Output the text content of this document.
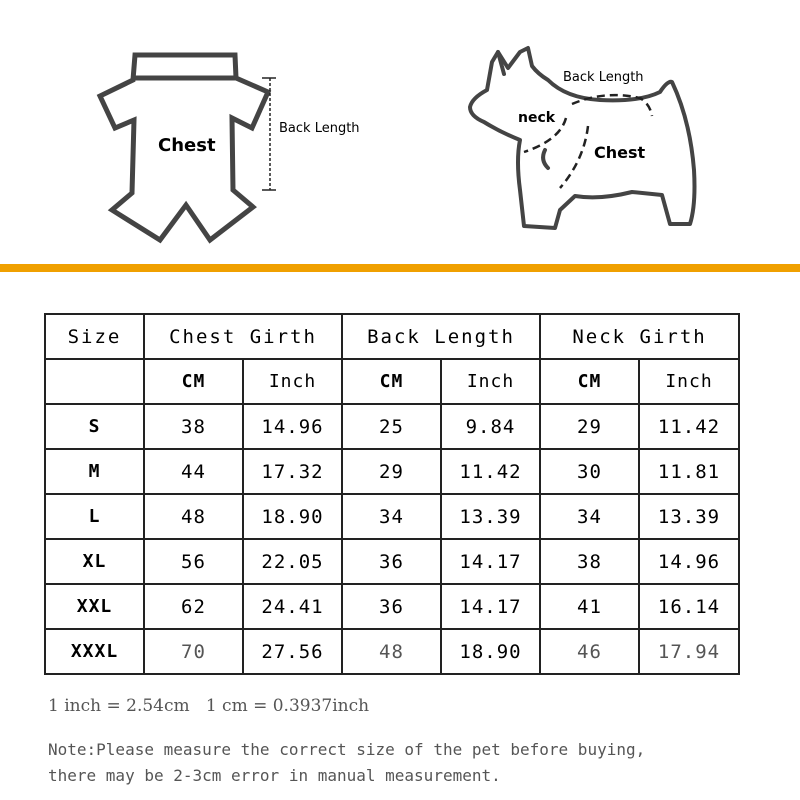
Back Length
Chest
Back Length
neck
Chest
Size	Chest Girth		Back Length		Neck Girth	
	CM	Inch	CM	Inch	CM	Inch
S	38	14.96	25	9.84	29	11.42
M	44	17.32	29	11.42	30	11.81
L	48	18.90	34	13.39	34	13.39
XL	56	22.05	36	14.17	38	14.96
XXL	62	24.41	36	14.17	41	16.14
XXXL	70	27.56	48	18.90	46	17.94
1 inch = 2.54cm   1 cm = 0.3937inch
Note:Please measure the correct size of the pet before buying,
there may be 2-3cm error in manual measurement.
